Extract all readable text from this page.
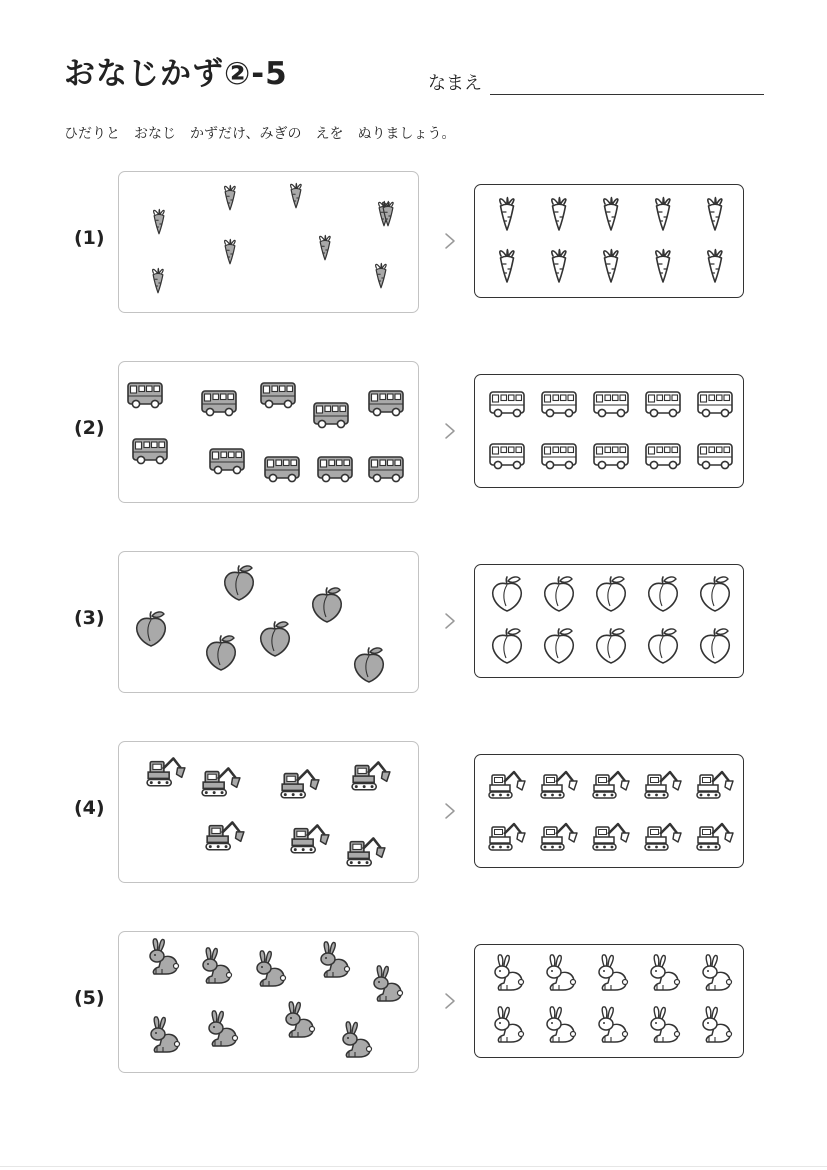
おなじかず②-5	なまえ
ひだりと　おなじ　かずだけ、みぎの　えを　ぬりましょう。
(1)
(2)
(3)
(4)
(5)
